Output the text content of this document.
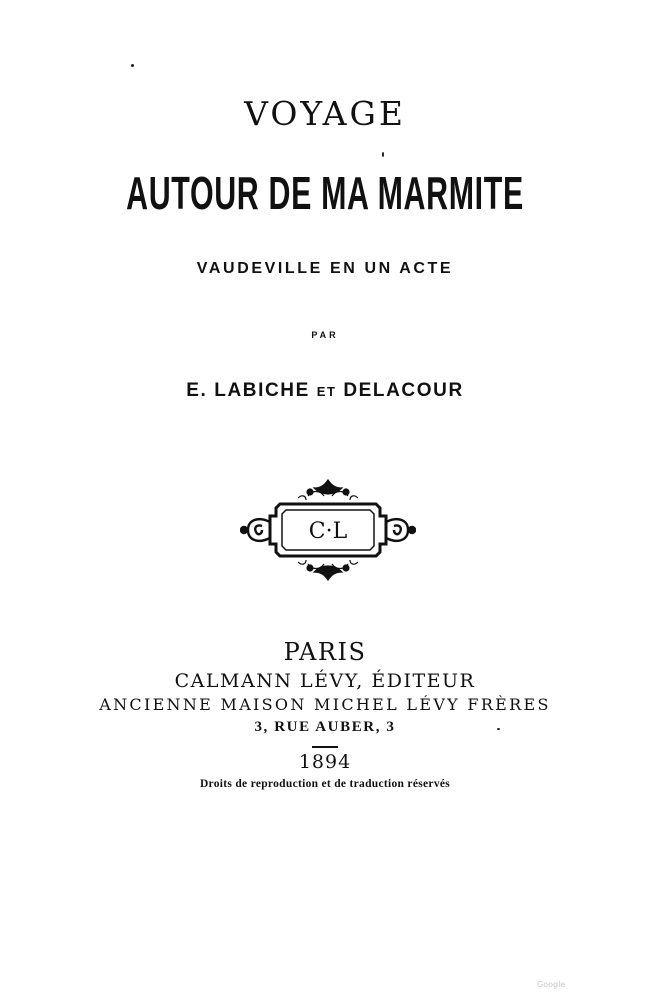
VOYAGE
AUTOUR DE MA MARMITE
VAUDEVILLE EN UN ACTE
PAR
E. LABICHE ET DELACOUR
C·L
PARIS
CALMANN LÉVY, ÉDITEUR
ANCIENNE MAISON MICHEL LÉVY FRÈRES
3, RUE AUBER, 3
1894
Droits de reproduction et de traduction réservés
Google
